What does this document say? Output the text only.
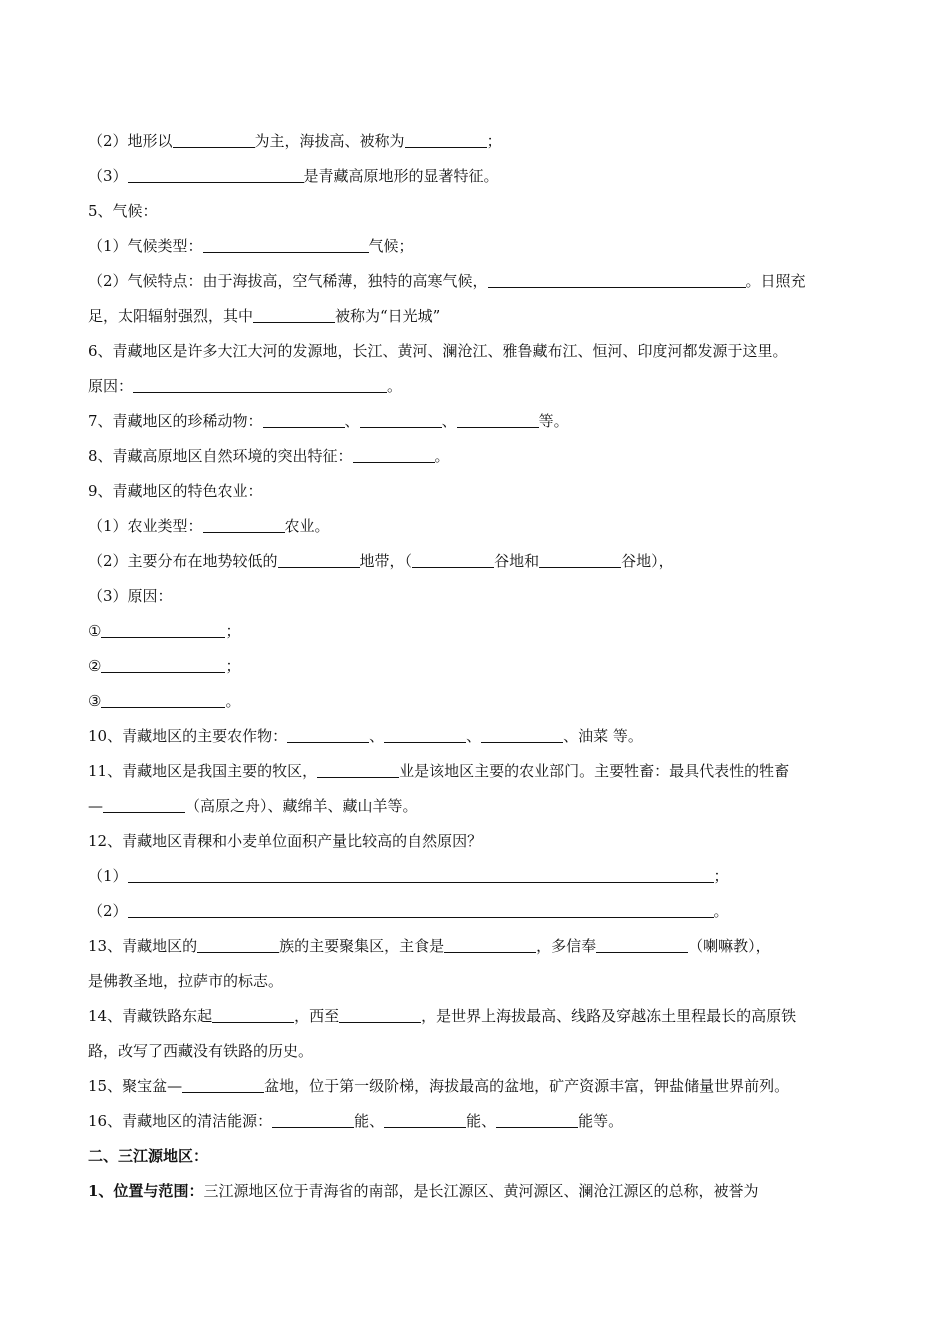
（2）地形以	为主，海拔高、被称为	；

（3）	是青藏高原地形的显著特征。

5、气候：

（1）气候类型：	气候；

（2）气候特点：由于海拔高，空气稀薄，独特的高寒气候，	。日照充

足，太阳辐射强烈，其中	被称为“日光城”

6、青藏地区是许多大江大河的发源地，长江、黄河、澜沧江、雅鲁藏布江、恒河、印度河都发源于这里。

原因：	。

7、青藏地区的珍稀动物：	、	、	等。

8、青藏高原地区自然环境的突出特征：	。

9、青藏地区的特色农业：

（1）农业类型：	农业。

（2）主要分布在地势较低的	地带，（	谷地和	谷地），

（3）原因：

①	；

②	；

③	。

10、青藏地区的主要农作物：	、	、	、油菜 等。

11、青藏地区是我国主要的牧区，	业是该地区主要的农业部门。主要牲畜：最具代表性的牲畜

—	（高原之舟）、藏绵羊、藏山羊等。

12、青藏地区青稞和小麦单位面积产量比较高的自然原因？

（1）	；

（2）	。

13、青藏地区的	族的主要聚集区，主食是	，多信奉	（喇嘛教），

是佛教圣地，拉萨市的标志。

14、青藏铁路东起	，西至	，是世界上海拔最高、线路及穿越冻土里程最长的高原铁

路，改写了西藏没有铁路的历史。

15、聚宝盆—	盆地，位于第一级阶梯，海拔最高的盆地，矿产资源丰富，钾盐储量世界前列。

16、青藏地区的清洁能源：	能、	能、	能等。

二、三江源地区：

1、位置与范围：三江源地区位于青海省的南部，是长江源区、黄河源区、澜沧江源区的总称，被誉为
